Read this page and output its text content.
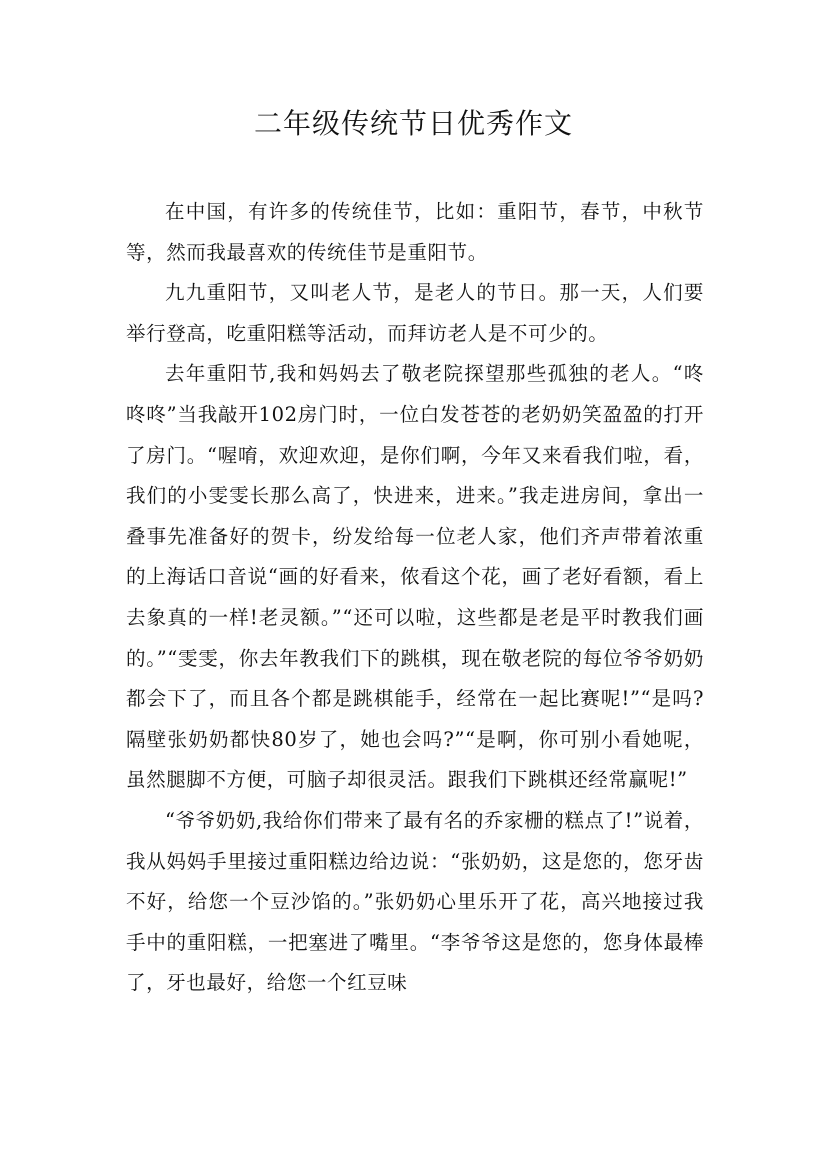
二年级传统节日优秀作文

在中国，有许多的传统佳节，比如：重阳节，春节，中秋节等，然而我最喜欢的传统佳节是重阳节。

九九重阳节，又叫老人节，是老人的节日。那一天，人们要举行登高，吃重阳糕等活动，而拜访老人是不可少的。

去年重阳节,我和妈妈去了敬老院探望那些孤独的老人。“咚咚咚”当我敲开102房门时，一位白发苍苍的老奶奶笑盈盈的打开了房门。“喔唷，欢迎欢迎，是你们啊，今年又来看我们啦，看，我们的小雯雯长那么高了，快进来，进来。”我走进房间，拿出一叠事先准备好的贺卡，纷发给每一位老人家，他们齐声带着浓重的上海话口音说“画的好看来，侬看这个花，画了老好看额，看上去象真的一样!老灵额。”“还可以啦，这些都是老是平时教我们画的。”“雯雯，你去年教我们下的跳棋，现在敬老院的每位爷爷奶奶都会下了，而且各个都是跳棋能手，经常在一起比赛呢!”“是吗?隔壁张奶奶都快80岁了，她也会吗?”“是啊，你可别小看她呢，虽然腿脚不方便，可脑子却很灵活。跟我们下跳棋还经常赢呢!”

“爷爷奶奶,我给你们带来了最有名的乔家栅的糕点了!”说着，我从妈妈手里接过重阳糕边给边说：“张奶奶，这是您的，您牙齿不好，给您一个豆沙馅的。”张奶奶心里乐开了花，高兴地接过我手中的重阳糕，一把塞进了嘴里。“李爷爷这是您的，您身体最棒了，牙也最好，给您一个红豆味
